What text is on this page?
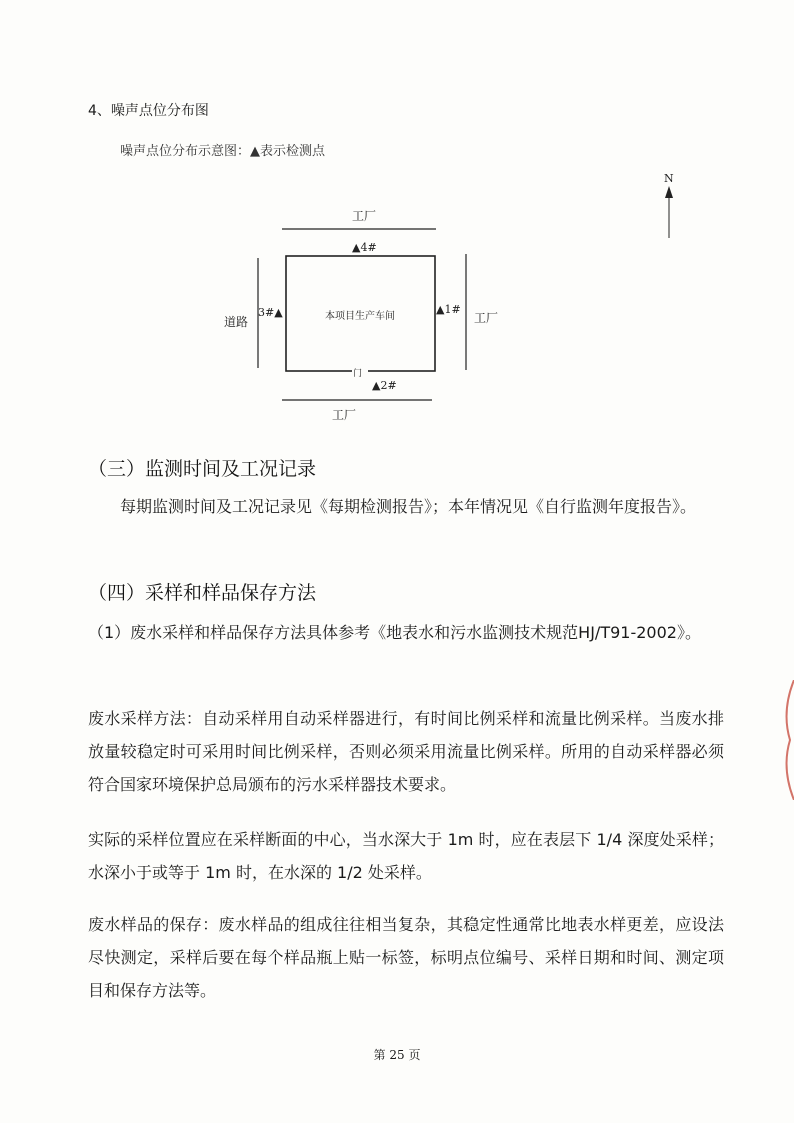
4、噪声点位分布图
噪声点位分布示意图：▲表示检测点
N
工厂
本项目生产车间
门
道路	工厂
工厂
▲1#
▲2#
3#▲
▲4#
（三）监测时间及工况记录
每期监测时间及工况记录见《每期检测报告》；本年情况见《自行监测年度报告》。
（四）采样和样品保存方法
（1）废水采样和样品保存方法具体参考《地表水和污水监测技术规范HJ/T91-2002》。
废水采样方法：自动采样用自动采样器进行，有时间比例采样和流量比例采样。当废水排放量较稳定时可采用时间比例采样，否则必须采用流量比例采样。所用的自动采样器必须符合国家环境保护总局颁布的污水采样器技术要求。
实际的采样位置应在采样断面的中心，当水深大于 1m 时，应在表层下 1/4 深度处采样；水深小于或等于 1m 时，在水深的 1/2 处采样。
废水样品的保存：废水样品的组成往往相当复杂，其稳定性通常比地表水样更差，应设法尽快测定，采样后要在每个样品瓶上贴一标签，标明点位编号、采样日期和时间、测定项目和保存方法等。
第 25 页
